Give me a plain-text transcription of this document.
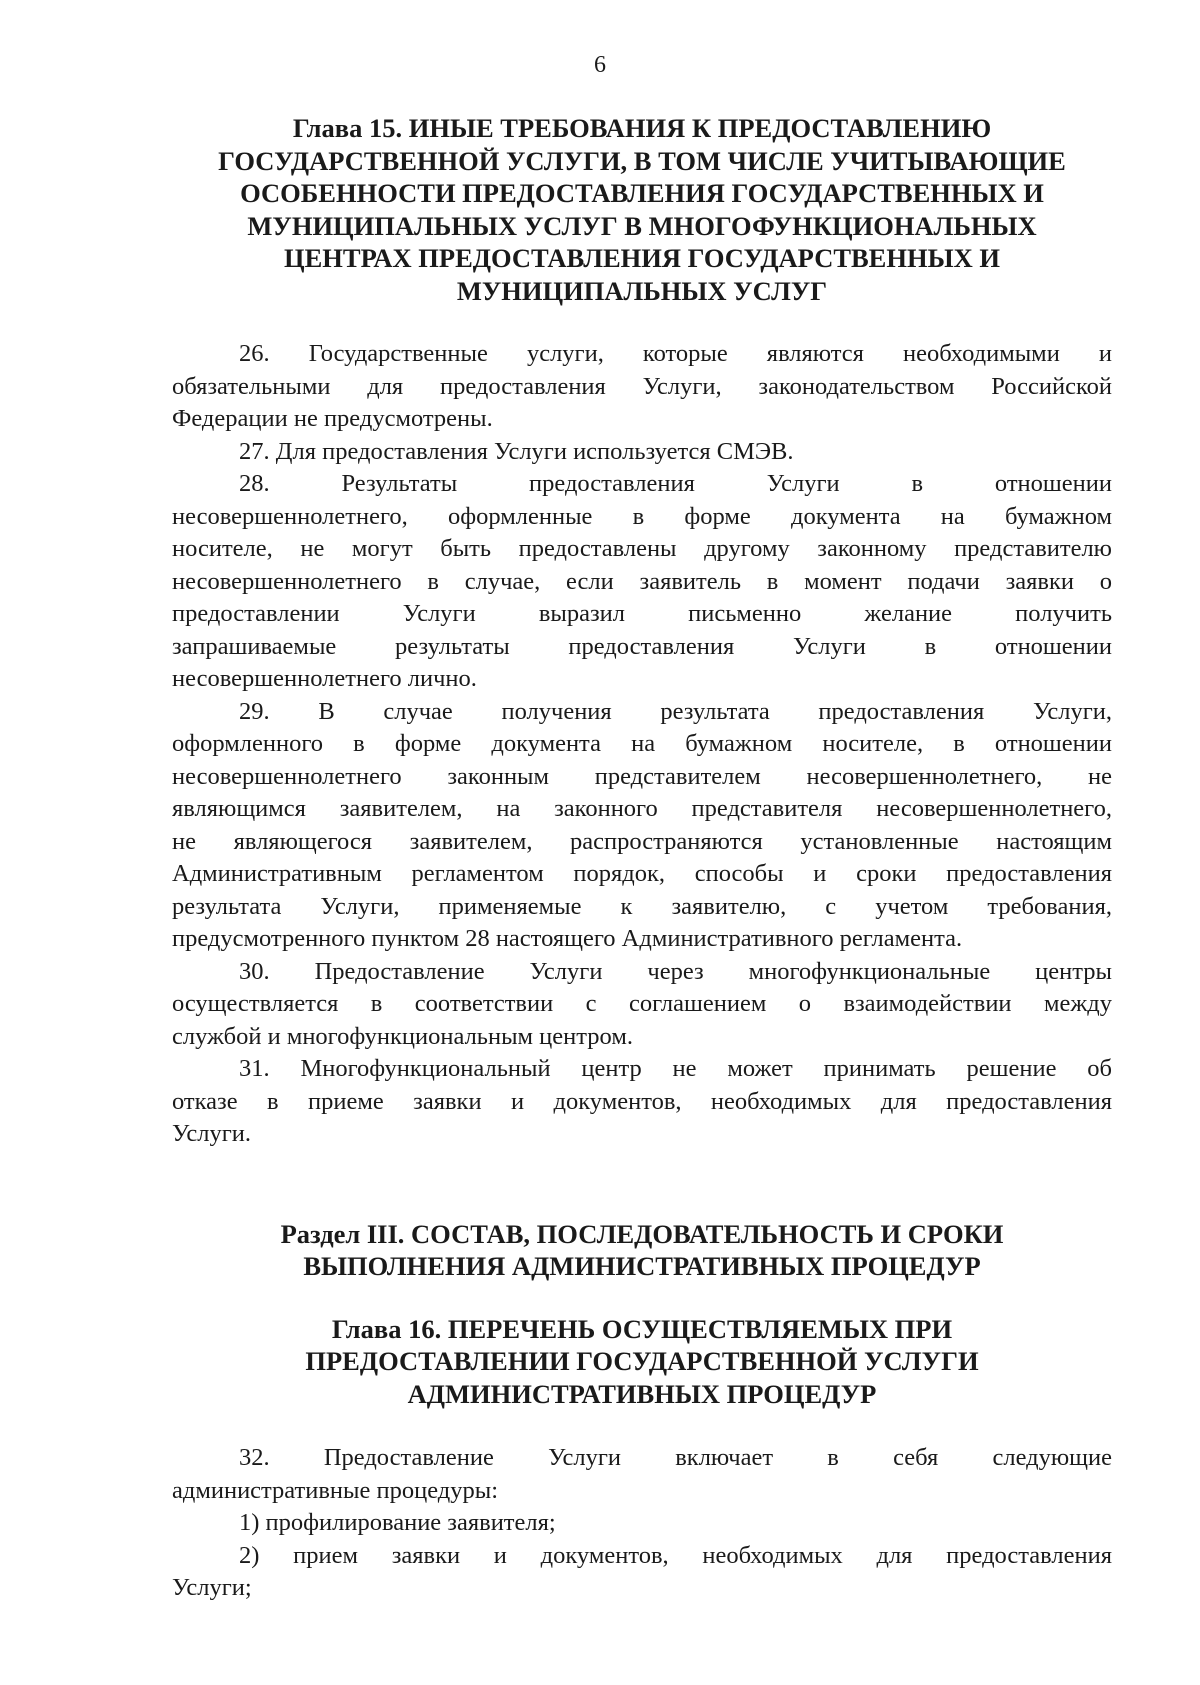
6
Глава 15. ИНЫЕ ТРЕБОВАНИЯ К ПРЕДОСТАВЛЕНИЮ
ГОСУДАРСТВЕННОЙ УСЛУГИ, В ТОМ ЧИСЛЕ УЧИТЫВАЮЩИЕ
ОСОБЕННОСТИ ПРЕДОСТАВЛЕНИЯ ГОСУДАРСТВЕННЫХ И
МУНИЦИПАЛЬНЫХ УСЛУГ В МНОГОФУНКЦИОНАЛЬНЫХ
ЦЕНТРАХ ПРЕДОСТАВЛЕНИЯ ГОСУДАРСТВЕННЫХ И
МУНИЦИПАЛЬНЫХ УСЛУГ
26. Государственные услуги, которые являются необходимыми и
обязательными для предоставления Услуги, законодательством Российской
Федерации не предусмотрены.
27. Для предоставления Услуги используется СМЭВ.
28. Результаты предоставления Услуги в отношении
несовершеннолетнего, оформленные в форме документа на бумажном
носителе, не могут быть предоставлены другому законному представителю
несовершеннолетнего в случае, если заявитель в момент подачи заявки о
предоставлении Услуги выразил письменно желание получить
запрашиваемые результаты предоставления Услуги в отношении
несовершеннолетнего лично.
29. В случае получения результата предоставления Услуги,
оформленного в форме документа на бумажном носителе, в отношении
несовершеннолетнего законным представителем несовершеннолетнего, не
являющимся заявителем, на законного представителя несовершеннолетнего,
не являющегося заявителем, распространяются установленные настоящим
Административным регламентом порядок, способы и сроки предоставления
результата Услуги, применяемые к заявителю, с учетом требования,
предусмотренного пунктом 28 настоящего Административного регламента.
30. Предоставление Услуги через многофункциональные центры
осуществляется в соответствии с соглашением о взаимодействии между
службой и многофункциональным центром.
31. Многофункциональный центр не может принимать решение об
отказе в приеме заявки и документов, необходимых для предоставления
Услуги.
Раздел III. СОСТАВ, ПОСЛЕДОВАТЕЛЬНОСТЬ И СРОКИ
ВЫПОЛНЕНИЯ АДМИНИСТРАТИВНЫХ ПРОЦЕДУР
Глава 16. ПЕРЕЧЕНЬ ОСУЩЕСТВЛЯЕМЫХ ПРИ
ПРЕДОСТАВЛЕНИИ ГОСУДАРСТВЕННОЙ УСЛУГИ
АДМИНИСТРАТИВНЫХ ПРОЦЕДУР
32. Предоставление Услуги включает в себя следующие
административные процедуры:
1) профилирование заявителя;
2) прием заявки и документов, необходимых для предоставления
Услуги;
